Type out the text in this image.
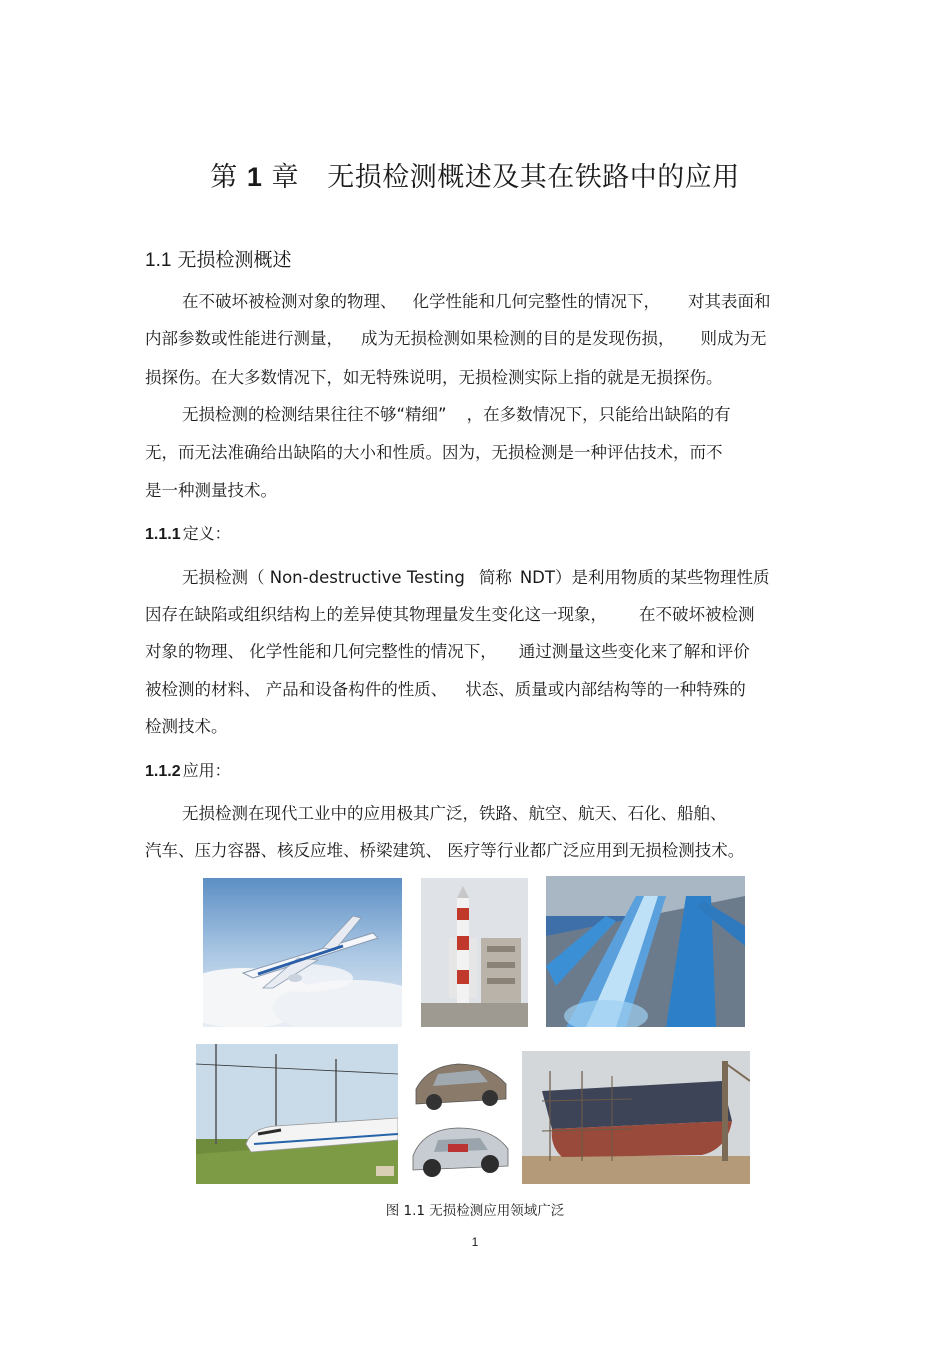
第 1 章 无损检测概述及其在铁路中的应用
1.1 无损检测概述
在不破坏被检测对象的物理、 化学性能和几何完整性的情况下， 对其表面和
内部参数或性能进行测量， 成为无损检测如果检测的目的是发现伤损， 则成为无
损探伤。在大多数情况下，如无特殊说明，无损检测实际上指的就是无损探伤。
无损检测的检测结果往往不够“精细” ，在多数情况下，只能给出缺陷的有
无，而无法准确给出缺陷的大小和性质。因为，无损检测是一种评估技术，而不
是一种测量技术。
1.1.1 定义：
无损检测（ Non-destructive Testing 简称 NDT）是利用物质的某些物理性质
因存在缺陷或组织结构上的差异使其物理量发生变化这一现象， 在不破坏被检测
对象的物理、 化学性能和几何完整性的情况下， 通过测量这些变化来了解和评价
被检测的材料、 产品和设备构件的性质、 状态、质量或内部结构等的一种特殊的
检测技术。
1.1.2 应用：
无损检测在现代工业中的应用极其广泛，铁路、航空、航天、石化、船舶、
汽车、压力容器、核反应堆、桥梁建筑、 医疗等行业都广泛应用到无损检测技术。
图 1.1 无损检测应用领域广泛
1
